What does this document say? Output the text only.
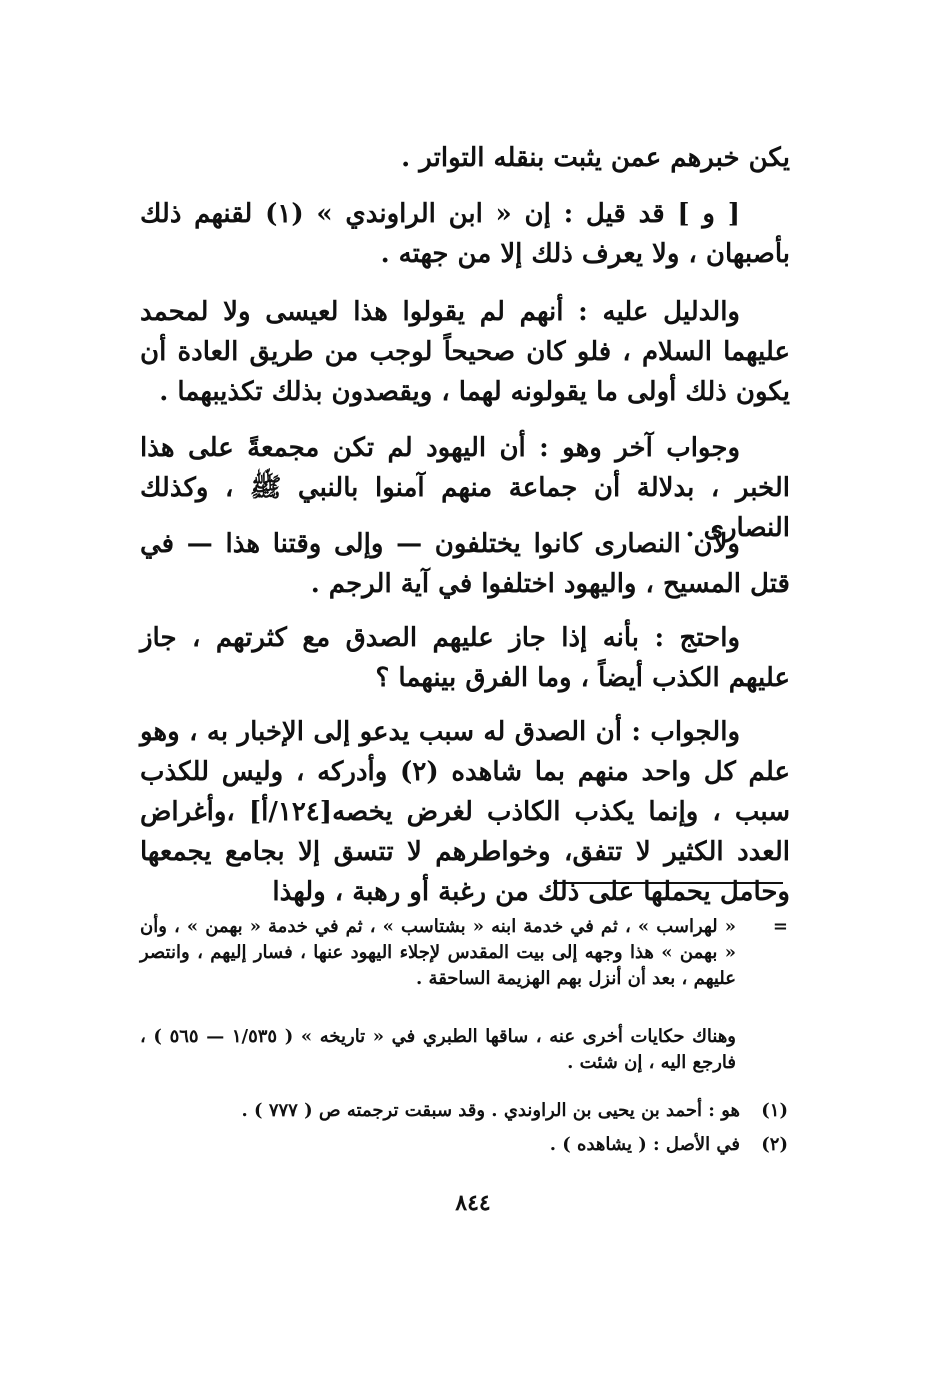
يكن خبرهم عمن يثبت بنقله التواتر .

[ و ] قد قيل : إن « ابن الراوندي » (١) لقنهم ذلك بأصبهان ، ولا يعرف ذلك إلا من جهته .

والدليل عليه : أنهم لم يقولوا هذا لعيسى ولا لمحمد عليهما السلام ، فلو كان صحيحاً لوجب من طريق العادة أن يكون ذلك أولى ما يقولونه لهما ، ويقصدون بذلك تكذيبهما .

وجواب آخر وهو : أن اليهود لم تكن مجمعةً على هذا الخبر ، بدلالة أن جماعة منهم آمنوا بالنبي ﷺ ، وكذلك النصارى .

ولأن النصارى كانوا يختلفون — وإلى وقتنا هذا — في قتل المسيح ، واليهود اختلفوا في آية الرجم .

واحتج : بأنه إذا جاز عليهم الصدق مع كثرتهم ، جاز عليهم الكذب أيضاً ، وما الفرق بينهما ؟

والجواب : أن الصدق له سبب يدعو إلى الإخبار به ، وهو علم كل واحد منهم بما شاهده (٢) وأدركه ، وليس للكذب سبب ، وإنما يكذب الكاذب لغرض يخصه[١٢٤/أ] ،وأغراض العدد الكثير لا تتفق، وخواطرهم لا تتسق إلا بجامع يجمعها وحامل يحملها على ذلك من رغبة أو رهبة ، ولهذا

=
« لهراسب » ، ثم في خدمة ابنه « بشتاسب » ، ثم في خدمة « بهمن » ، وأن « بهمن » هذا وجهه إلى بيت المقدس لإجلاء اليهود عنها ، فسار إليهم ، وانتصر عليهم ، بعد أن أنزل بهم الهزيمة الساحقة .
وهناك حكايات أخرى عنه ، ساقها الطبري في « تاريخه » ( ١/٥٣٥ — ٥٦٥ ) ، فارجع اليه ، إن شئت .
(١)هو : أحمد بن يحيى بن الراوندي . وقد سبقت ترجمته ص ( ٧٧٧ ) .
(٢)في الأصل : ( يشاهده ) .
٨٤٤
